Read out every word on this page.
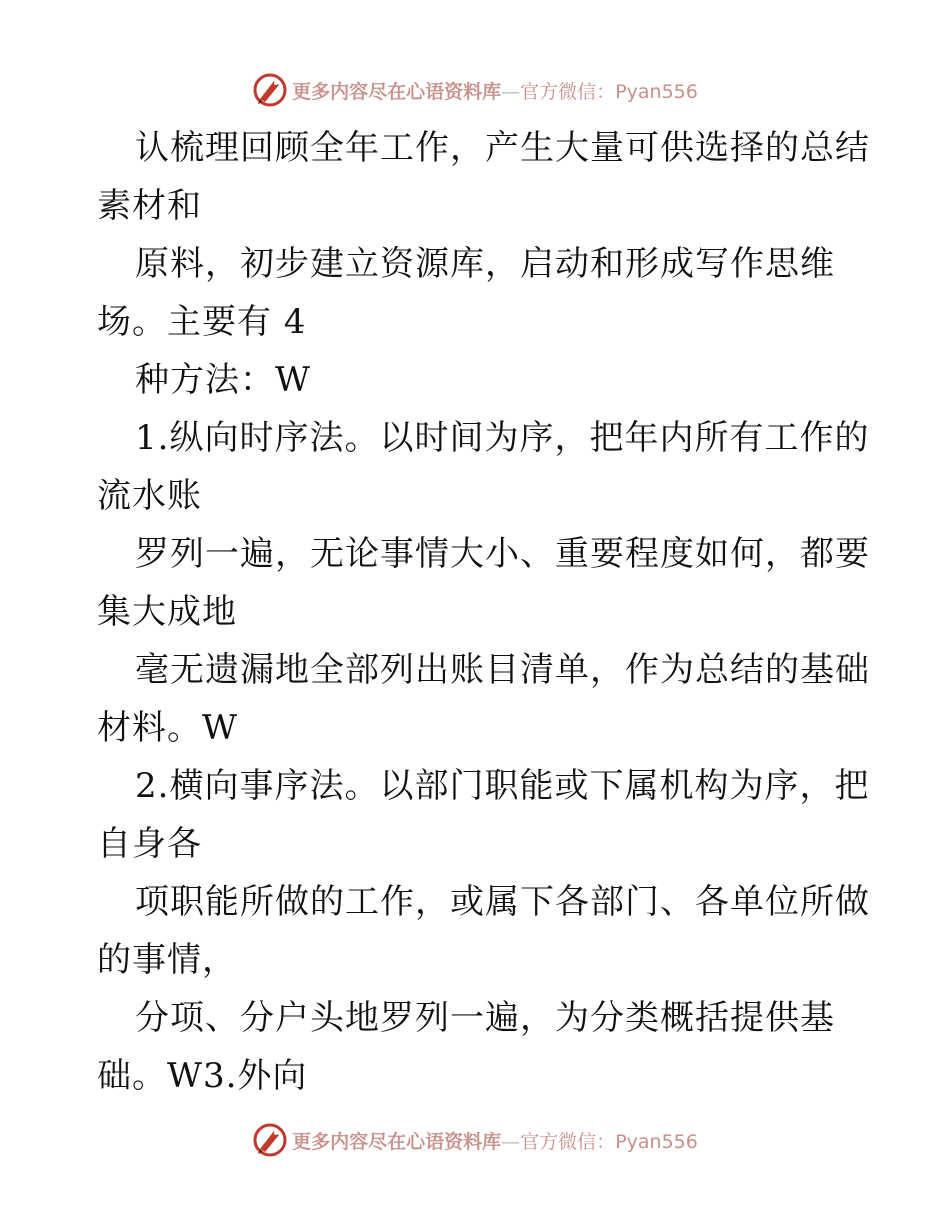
更多内容尽在心语资料库—官方微信：Pyan556
认梳理回顾全年工作，产生大量可供选择的总结
素材和
原料，初步建立资源库，启动和形成写作思维
场。主要有 4
种方法：W
1.纵向时序法。以时间为序，把年内所有工作的
流水账
罗列一遍，无论事情大小、重要程度如何，都要
集大成地
毫无遗漏地全部列出账目清单，作为总结的基础
材料。W
2.横向事序法。以部门职能或下属机构为序，把
自身各
项职能所做的工作，或属下各部门、各单位所做
的事情，
分项、分户头地罗列一遍，为分类概括提供基
础。W3.外向
更多内容尽在心语资料库—官方微信：Pyan556
